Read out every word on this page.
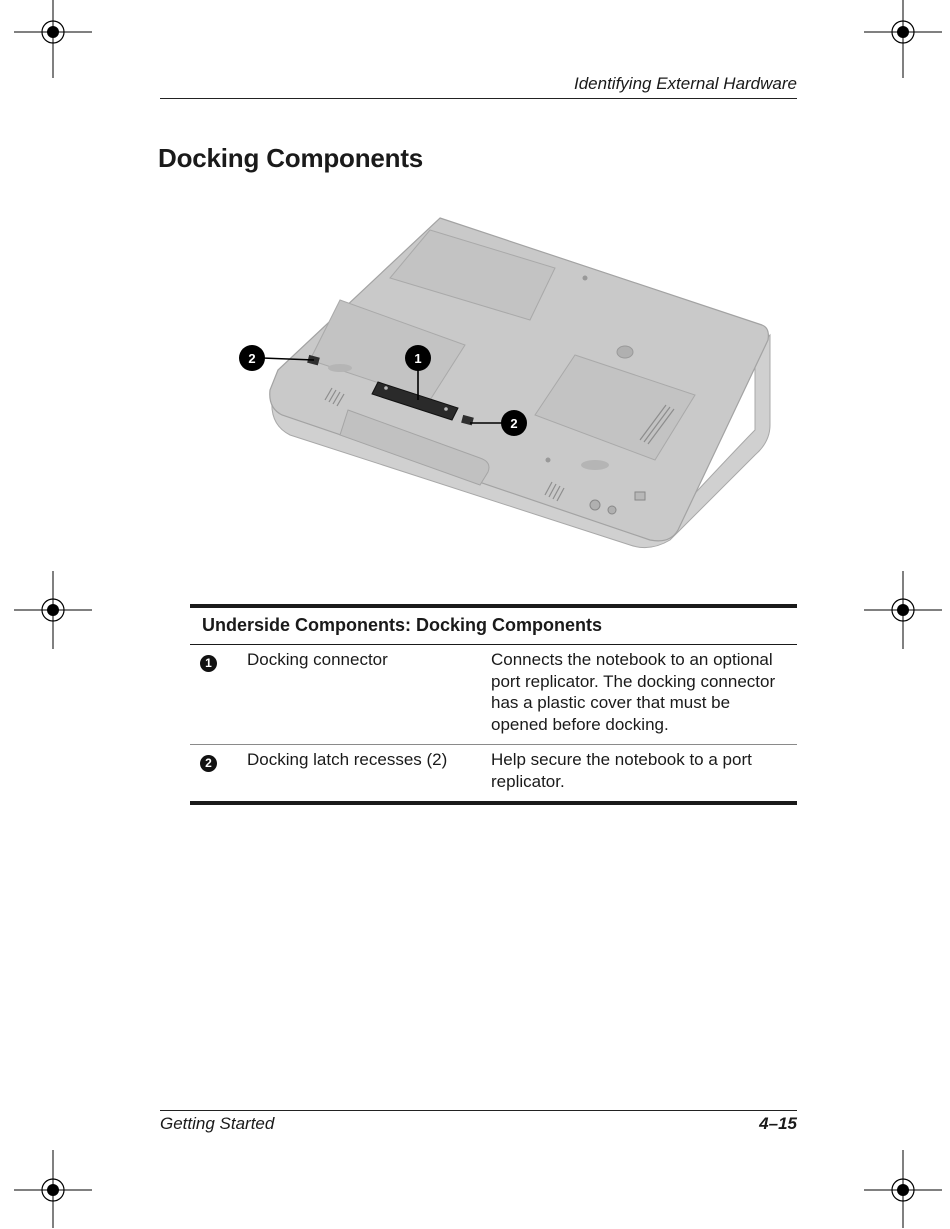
Identifying External Hardware
Docking Components
1
2
2
Underside Components: Docking Components		
1	Docking connector	Connects the notebook to an optional port replicator. The docking connector has a plastic cover that must be opened before docking.
2	Docking latch recesses (2)	Help secure the notebook to a port replicator.
Getting Started	4–15
